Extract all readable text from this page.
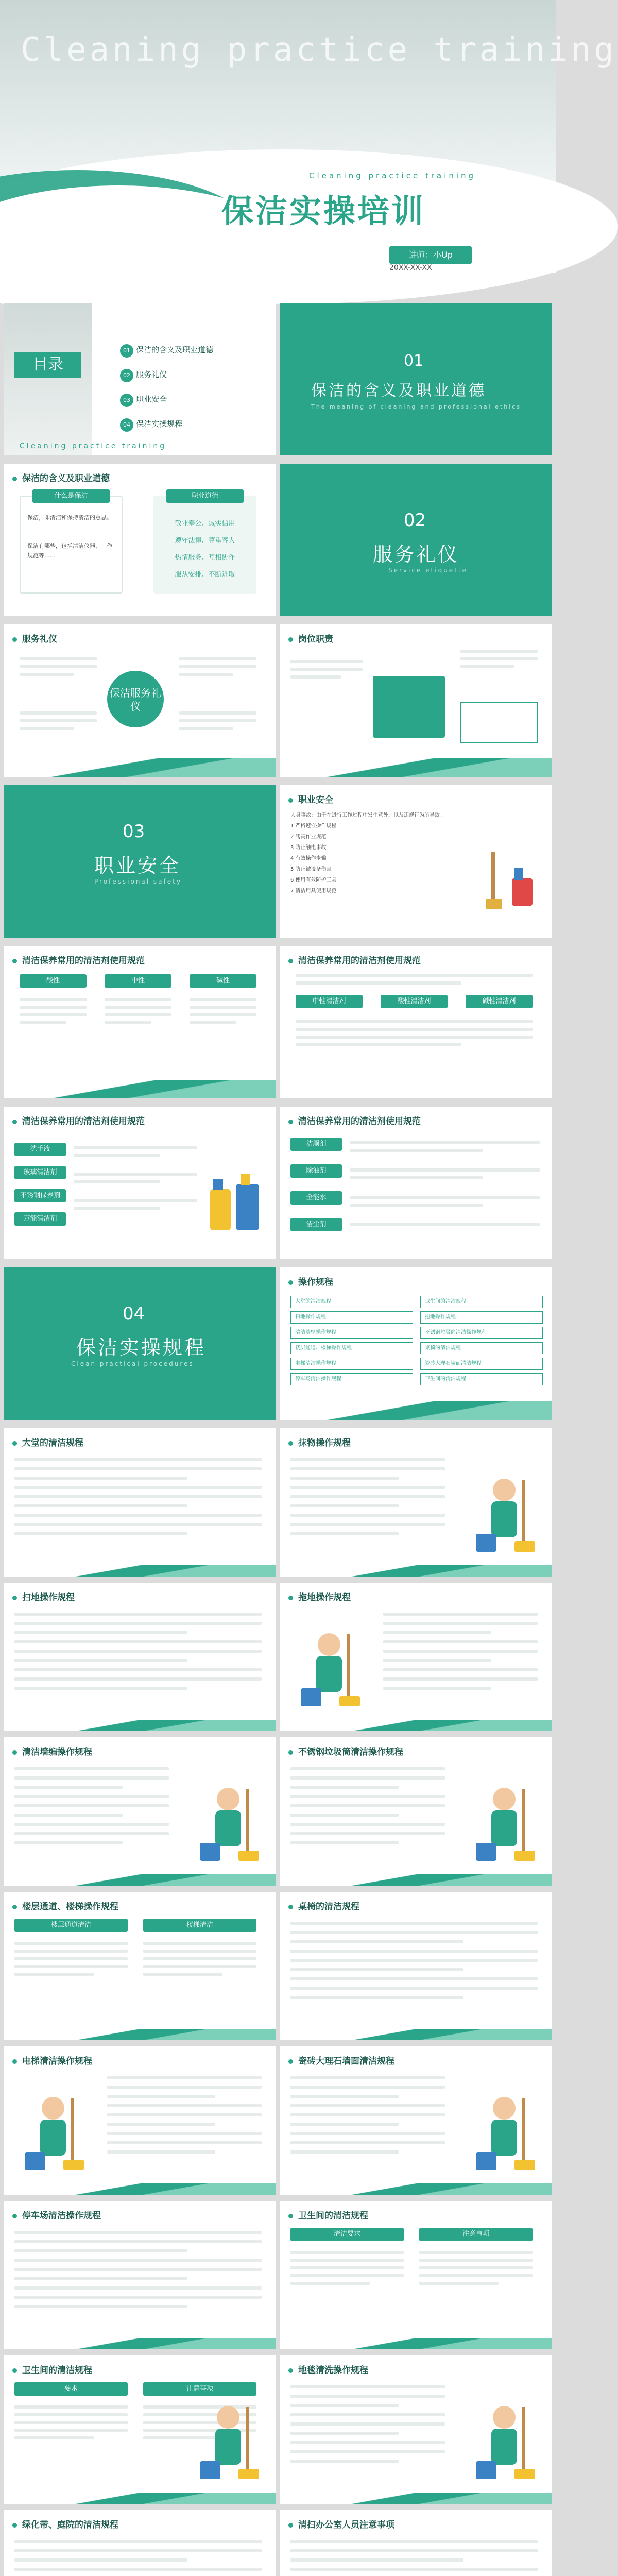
Cleaning practice training
Cleaning practice training
保洁实操培训
讲师：小Up
20XX-XX-XX
目录
01 保洁的含义及职业道德
02 服务礼仪
03 职业安全
04 保洁实操规程
Cleaning practice training
01
保洁的含义及职业道德
The meaning of cleaning and professional ethics
保洁的含义及职业道德
什么是保洁
保洁，即清洁和保持清洁的意思。
保洁有哪些，包括清洁仪器、工作规范等……
职业道德
敬业奉公、诚实信用
遵守法律、尊重客人
热情服务、互相协作
服从安排、不断进取
02
服务礼仪
Service etiquette
服务礼仪
保洁服务礼仪
岗位职责
03
职业安全
Professional safety
职业安全
人身事故：由于在进行工作过程中发生意外，以及违规行为所导致。
1 严格遵守操作规程
2 爬高作业规范
3 防止触电事故
4 有效操作步骤
5 防止被设备伤害
6 使用有效防护工具
7 清洁用具使用规范
清洁保养常用的清洁剂使用规范
酸性	中性	碱性
清洁保养常用的清洁剂使用规范
中性清洁剂	酸性清洁剂	碱性清洁剂
清洁保养常用的清洁剂使用规范
洗手液
玻璃清洁剂
不锈钢保养剂
万能清洁剂
清洁保养常用的清洁剂使用规范
洁厕剂
除油剂
全能水
洁尘剂
04
保洁实操规程
Clean practical procedures
操作规程
大堂的清洁规程	卫生间的清洁规程
扫地操作规程	拖地操作规程
清洁墙壁操作规程	不锈钢垃圾筒清洁操作规程
楼层通道、楼梯操作规程	桌椅的清洁规程
电梯清洁操作规程	瓷砖大理石墙面清洁规程
停车场清洁操作规程	卫生间的清洁规程
大堂的清洁规程	抹物操作规程
扫地操作规程	拖地操作规程
清洁墙编操作规程	不锈钢垃圾筒清洁操作规程
楼层通道、楼梯操作规程
楼层通道清洁	楼梯清洁
桌椅的清洁规程
电梯清洁操作规程	瓷砖大理石墙面清洁规程
停车场清洁操作规程	卫生间的清洁规程
清洁要求	注意事项
卫生间的清洁规程
要求	注意事项
地毯清洗操作规程
绿化带、庭院的清洁规程	清扫办公室人员注意事项
